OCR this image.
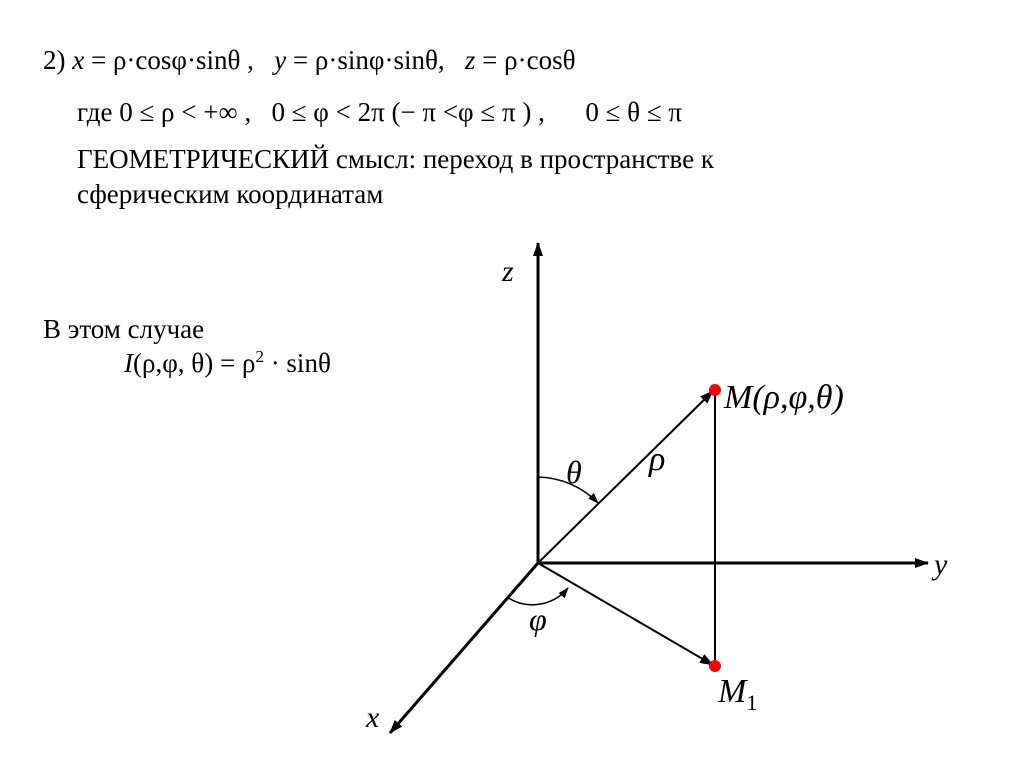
2) x = ρ·cosφ·sinθ , y = ρ·sinφ·sinθ, z = ρ·cosθ
где 0 ≤ ρ < +∞ , 0 ≤ φ < 2π (− π <φ ≤ π ) , 0 ≤ θ ≤ π
ГЕОМЕТРИЧЕСКИЙ смысл: переход в пространстве к
сферическим координатам
В этом случае
I(ρ,φ, $\theta) = \rho^2 \cdot \sin\theta$
z
y
x
M(ρ,φ,θ)
$M_1$
ρ
θ
φ
